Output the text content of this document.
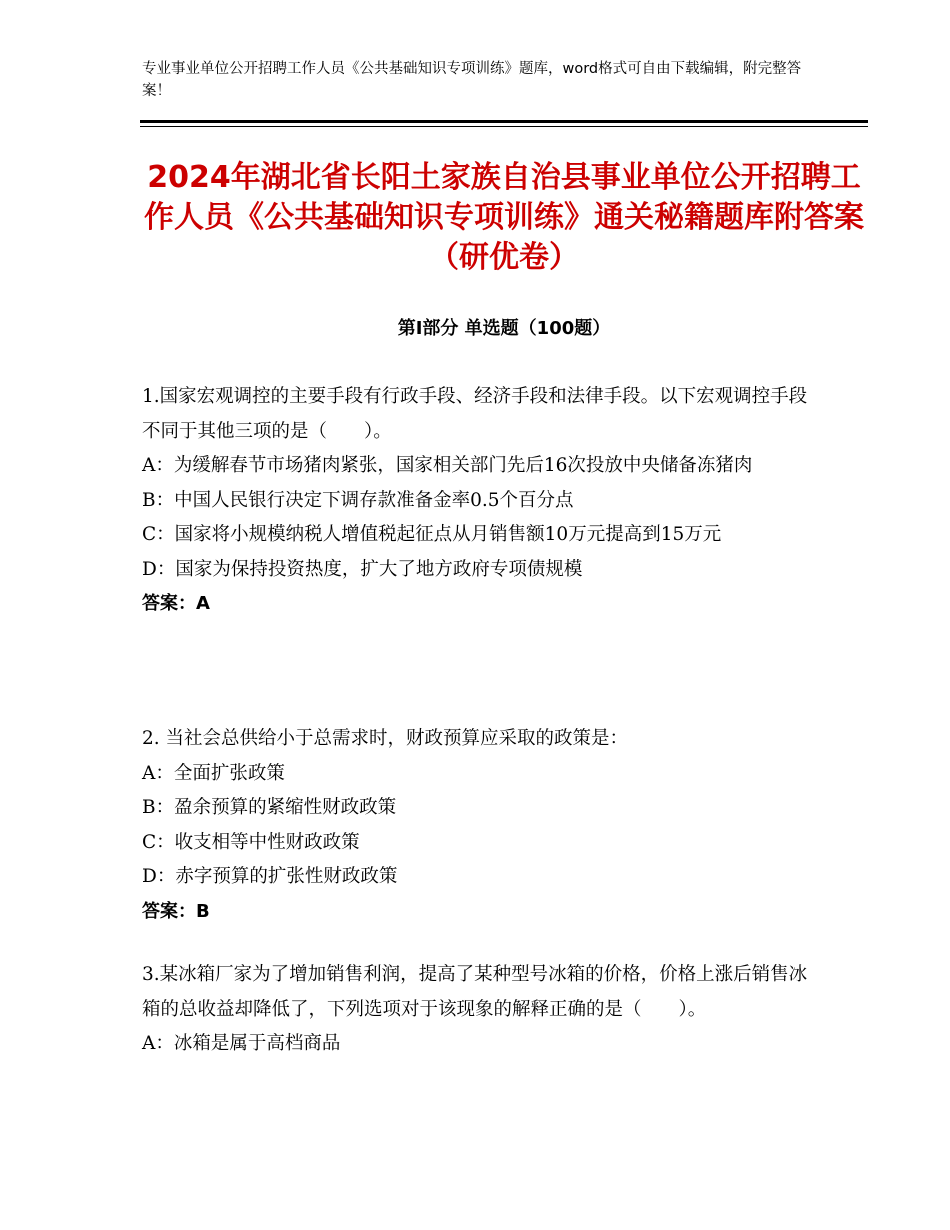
专业事业单位公开招聘工作人员《公共基础知识专项训练》题库，word格式可自由下载编辑，附完整答案！
2024年湖北省长阳土家族自治县事业单位公开招聘工作人员《公共基础知识专项训练》通关秘籍题库附答案（研优卷）
第Ⅰ部分 单选题（100题）
1.国家宏观调控的主要手段有行政手段、经济手段和法律手段。以下宏观调控手段不同于其他三项的是（　　）。
A：为缓解春节市场猪肉紧张，国家相关部门先后16次投放中央储备冻猪肉
B：中国人民银行决定下调存款准备金率0.5个百分点
C：国家将小规模纳税人增值税起征点从月销售额10万元提高到15万元
D：国家为保持投资热度，扩大了地方政府专项债规模
答案：A
2. 当社会总供给小于总需求时，财政预算应采取的政策是：
A：全面扩张政策
B：盈余预算的紧缩性财政政策
C：收支相等中性财政政策
D：赤字预算的扩张性财政政策
答案：B
3.某冰箱厂家为了增加销售利润，提高了某种型号冰箱的价格，价格上涨后销售冰箱的总收益却降低了，下列选项对于该现象的解释正确的是（　　）。
A：冰箱是属于高档商品
